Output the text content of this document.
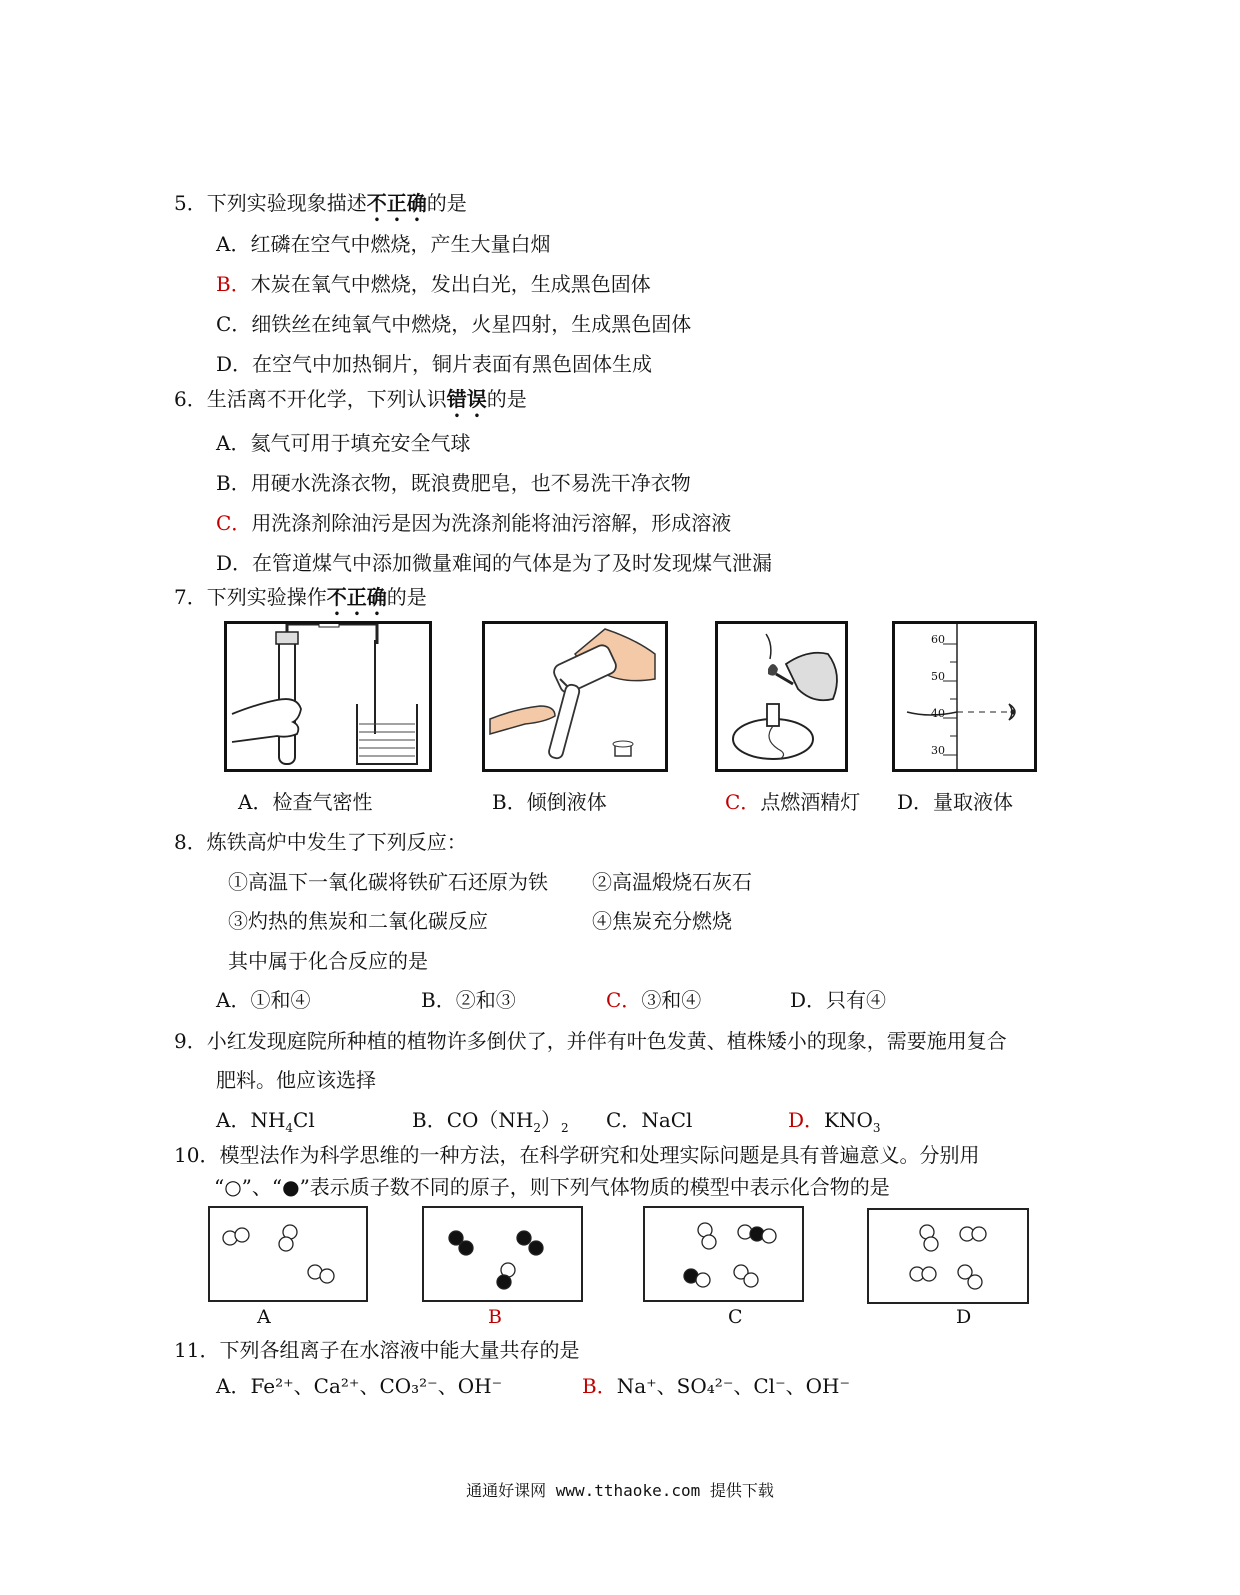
5．下列实验现象描述不正确的是
A．红磷在空气中燃烧，产生大量白烟
B．木炭在氧气中燃烧，发出白光，生成黑色固体
C．细铁丝在纯氧气中燃烧，火星四射，生成黑色固体
D．在空气中加热铜片，铜片表面有黑色固体生成
6．生活离不开化学，下列认识错误的是
A．氦气可用于填充安全气球
B．用硬水洗涤衣物，既浪费肥皂，也不易洗干净衣物
C．用洗涤剂除油污是因为洗涤剂能将油污溶解，形成溶液
D．在管道煤气中添加微量难闻的气体是为了及时发现煤气泄漏
7．下列实验操作不正确的是
60
50
40
30
A．检查气密性	B．倾倒液体	C．点燃酒精灯 D．量取液体
8．炼铁高炉中发生了下列反应：
①高温下一氧化碳将铁矿石还原为铁 ②高温煅烧石灰石
③灼热的焦炭和二氧化碳反应	④焦炭充分燃烧
其中属于化合反应的是
A．①和④	B．②和③	C．③和④	D．只有④
9．小红发现庭院所种植的植物许多倒伏了，并伴有叶色发黄、植株矮小的现象，需要施用复合
肥料。他应该选择
A．$NH_4Cl$	B．$CO(NH_2)_2$ C．NaCl	D．$KNO_3$
10．模型法作为科学思维的一种方法，在科学研究和处理实际问题是具有普遍意义。分别用
“○”、“●”表示质子数不同的原子，则下列气体物质的模型中表示化合物的是
A	B	C	D
11．下列各组离子在水溶液中能大量共存的是
A．Fe²⁺、Ca²⁺、CO₃²⁻、OH⁻	B．Na⁺、SO₄²⁻、Cl⁻、OH⁻
通通好课网 www.tthaoke.com 提供下载
